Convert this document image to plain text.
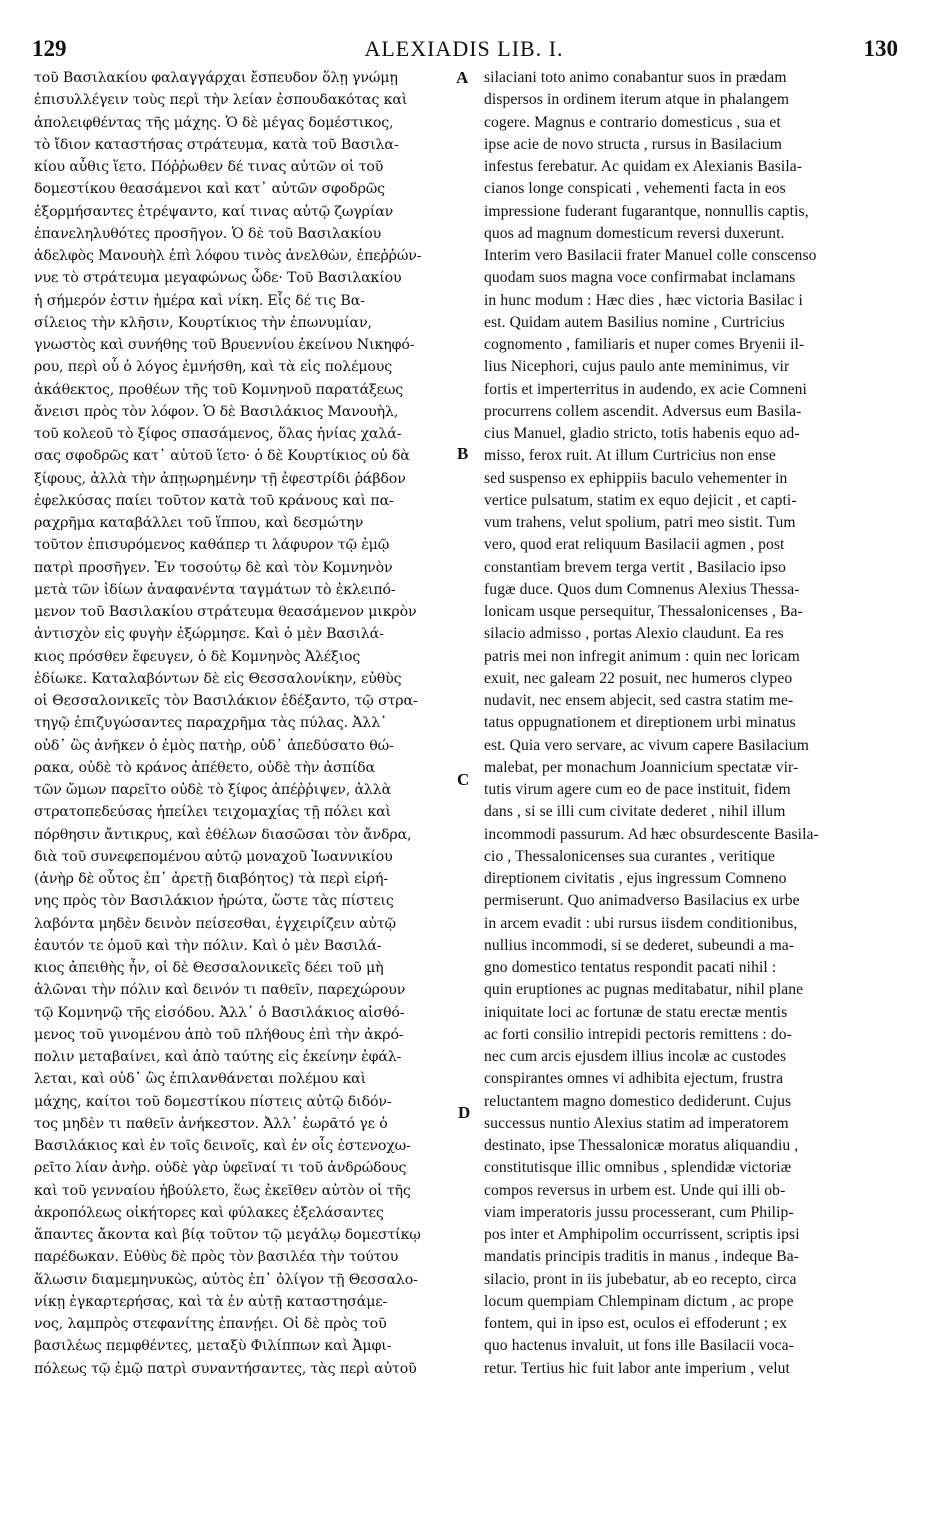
129	ALEXIADIS LIB. I.	130
τοῦ Βασιλακίου φαλαγγάρχαι ἔσπευδον ὅλῃ γνώμῃ
ἐπισυλλέγειν τοὺς περὶ τὴν λείαν ἐσπουδακότας καὶ
ἀπολειφθέντας τῆς μάχης. Ὁ δὲ μέγας δομέστικος,
τὸ ἴδιον καταστήσας στράτευμα, κατὰ τοῦ Βασιλα-
κίου αὖθις ἵετο. Πόῤῥωθεν δέ τινας αὐτῶν οἱ τοῦ
δομεστίκου θεασάμενοι καὶ κατ᾽ αὐτῶν σφοδρῶς
ἐξορμήσαντες ἐτρέψαντο, καί τινας αὐτῷ ζωγρίαν
ἐπανεληλυθότες προσῆγον. Ὁ δὲ τοῦ Βασιλακίου
ἀδελφὸς Μανουὴλ ἐπὶ λόφου τινὸς ἀνελθὼν, ἐπεῤῥών-
νυε τὸ στράτευμα μεγαφώνως ὧδε· Τοῦ Βασιλακίου
ἡ σήμερόν ἐστιν ἡμέρα καὶ νίκη. Εἷς δέ τις Βα-
σίλειος τὴν κλῆσιν, Κουρτίκιος τὴν ἐπωνυμίαν,
γνωστὸς καὶ συνήθης τοῦ Βρυεννίου ἐκείνου Νικηφό-
ρου, περὶ οὗ ὁ λόγος ἐμνήσθη, καὶ τὰ εἰς πολέμους
ἀκάθεκτος, προθέων τῆς τοῦ Κομνηνοῦ παρατάξεως
ἄνεισι πρὸς τὸν λόφον. Ὁ δὲ Βασιλάκιος Μανουὴλ,
τοῦ κολεοῦ τὸ ξίφος σπασάμενος, ὅλας ἡνίας χαλά-
σας σφοδρῶς κατ᾽ αὐτοῦ ἵετο· ὁ δὲ Κουρτίκιος οὐ δὰ
ξίφους, ἀλλὰ τὴν ἀπῃωρημένην τῇ ἐφεστρίδι ῥάβδον
ἐφελκύσας παίει τοῦτον κατὰ τοῦ κράνους καὶ πα-
ραχρῆμα καταβάλλει τοῦ ἵππου, καὶ δεσμώτην
τοῦτον ἐπισυρόμενος καθάπερ τι λάφυρον τῷ ἐμῷ
πατρὶ προσῆγεν. Ἐν τοσούτῳ δὲ καὶ τὸν Κομνηνὸν
μετὰ τῶν ἰδίων ἀναφανέντα ταγμάτων τὸ ἐκλειπό-
μενον τοῦ Βασιλακίου στράτευμα θεασάμενον μικρὸν
ἀντισχὸν εἰς φυγὴν ἐξώρμησε. Καὶ ὁ μὲν Βασιλά-
κιος πρόσθεν ἔφευγεν, ὁ δὲ Κομνηνὸς Ἀλέξιος
ἐδίωκε. Καταλαβόντων δὲ εἰς Θεσσαλονίκην, εὐθὺς
οἱ Θεσσαλονικεῖς τὸν Βασιλάκιον ἐδέξαντο, τῷ στρα-
τηγῷ ἐπιζυγώσαντες παραχρῆμα τὰς πύλας. Ἀλλ᾽
οὐδ᾽ ὣς ἀνῆκεν ὁ ἐμὸς πατὴρ, οὐδ᾽ ἀπεδύσατο θώ-
ρακα, οὐδὲ τὸ κράνος ἀπέθετο, οὐδὲ τὴν ἀσπίδα
τῶν ὤμων παρεῖτο οὐδὲ τὸ ξίφος ἀπέῤῥιψεν, ἀλλὰ
στρατοπεδεύσας ἠπείλει τειχομαχίας τῇ πόλει καὶ
πόρθησιν ἄντικρυς, καὶ ἐθέλων διασῶσαι τὸν ἄνδρα,
διὰ τοῦ συνεφεπομένου αὐτῷ μοναχοῦ Ἰωαννικίου
(ἀνὴρ δὲ οὗτος ἐπ᾽ ἀρετῇ διαβόητος) τὰ περὶ εἰρή-
νης πρὸς τὸν Βασιλάκιον ἠρώτα, ὥστε τὰς πίστεις
λαβόντα μηδὲν δεινὸν πείσεσθαι, ἐγχειρίζειν αὐτῷ
ἑαυτόν τε ὁμοῦ καὶ τὴν πόλιν. Καὶ ὁ μὲν Βασιλά-
κιος ἀπειθὴς ἦν, οἱ δὲ Θεσσαλονικεῖς δέει τοῦ μὴ
ἁλῶναι τὴν πόλιν καὶ δεινόν τι παθεῖν, παρεχώρουν
τῷ Κομνηνῷ τῆς εἰσόδου. Ἀλλ᾽ ὁ Βασιλάκιος αἰσθό-
μενος τοῦ γινομένου ἀπὸ τοῦ πλήθους ἐπὶ τὴν ἀκρό-
πολιν μεταβαίνει, καὶ ἀπὸ ταύτης εἰς ἐκείνην ἐφάλ-
λεται, καὶ οὐδ᾽ ὣς ἐπιλανθάνεται πολέμου καὶ
μάχης, καίτοι τοῦ δομεστίκου πίστεις αὐτῷ διδόν-
τος μηδὲν τι παθεῖν ἀνήκεστον. Ἀλλ᾽ ἑωρᾶτό γε ὁ
Βασιλάκιος καὶ ἐν τοῖς δεινοῖς, καὶ ἐν οἷς ἐστενοχω-
ρεῖτο λίαν ἀνὴρ. οὐδὲ γὰρ ὑφεῖναί τι τοῦ ἀνδρώδους
καὶ τοῦ γενναίου ἠβούλετο, ἕως ἐκεῖθεν αὐτὸν οἱ τῆς
ἀκροπόλεως οἰκήτορες καὶ φύλακες ἐξελάσαντες
ἅπαντες ἄκοντα καὶ βίᾳ τοῦτον τῷ μεγάλῳ δομεστίκῳ
παρέδωκαν. Εὐθὺς δὲ πρὸς τὸν βασιλέα τὴν τούτου
ἅλωσιν διαμεμηνυκὼς, αὐτὸς ἐπ᾽ ὀλίγον τῇ Θεσσαλο-
νίκῃ ἐγκαρτερήσας, καὶ τὰ ἐν αὐτῇ καταστησάμε-
νος, λαμπρὸς στεφανίτης ἐπανῄει. Οἱ δὲ πρὸς τοῦ
βασιλέως πεμφθέντες, μεταξὺ Φιλίππων καὶ Ἀμφι-
πόλεως τῷ ἐμῷ πατρὶ συναντήσαντες, τὰς περὶ αὐτοῦ
silaciani toto animo conabantur suos in prædam
dispersos in ordinem iterum atque in phalangem
cogere. Magnus e contrario domesticus , sua et
ipse acie de novo structa , rursus in Basilacium
infestus ferebatur. Ac quidam ex Alexianis Basila-
cianos longe conspicati , vehementi facta in eos
impressione fuderant fugarantque, nonnullis captis,
quos ad magnum domesticum reversi duxerunt.
Interim vero Basilacii frater Manuel colle conscenso
quodam suos magna voce confirmabat inclamans
in hunc modum : Hæc dies , hæc victoria Basilac i
est. Quidam autem Basilius nomine , Curtricius
cognomento , familiaris et nuper comes Bryenii il-
lius Nicephori, cujus paulo ante meminimus, vir
fortis et imperterritus in audendo, ex acie Comneni
procurrens collem ascendit. Adversus eum Basila-
cius Manuel, gladio stricto, totis habenis equo ad-
misso, ferox ruit. At illum Curtricius non ense
sed suspenso ex ephippiis baculo vehementer in
vertice pulsatum, statim ex equo dejicit , et capti-
vum trahens, velut spolium, patri meo sistit. Tum
vero, quod erat reliquum Basilacii agmen , post
constantiam brevem terga vertit , Basilacio ipso
fugæ duce. Quos dum Comnenus Alexius Thessa-
lonicam usque persequitur, Thessalonicenses , Ba-
silacio admisso , portas Alexio claudunt. Ea res
patris mei non infregit animum : quin nec loricam
exuit, nec galeam 22 posuit, nec humeros clypeo
nudavit, nec ensem abjecit, sed castra statim me-
tatus oppugnationem et direptionem urbi minatus
est. Quia vero servare, ac vivum capere Basilacium
malebat, per monachum Joannicium spectatæ vir-
tutis virum agere cum eo de pace instituit, fidem
dans , si se illi cum civitate dederet , nihil illum
incommodi passurum. Ad hæc obsurdescente Basila-
cio , Thessalonicenses sua curantes , veritique
direptionem civitatis , ejus ingressum Comneno
permiserunt. Quo animadverso Basilacius ex urbe
in arcem evadit : ubi rursus iisdem conditionibus,
nullius incommodi, si se dederet, subeundi a ma-
gno domestico tentatus respondit pacati nihil :
quin eruptiones ac pugnas meditabatur, nihil plane
iniquitate loci ac fortunæ de statu erectæ mentis
ac forti consilio intrepidi pectoris remittens : do-
nec cum arcis ejusdem illius incolæ ac custodes
conspirantes omnes vi adhibita ejectum, frustra
reluctantem magno domestico dediderunt. Cujus
successus nuntio Alexius statim ad imperatorem
destinato, ipse Thessalonicæ moratus aliquandiu ,
constitutisque illic omnibus , splendidæ victoriæ
compos reversus in urbem est. Unde qui illi ob-
viam imperatoris jussu processerant, cum Philip-
pos inter et Amphipolim occurrissent, scriptis ipsi
mandatis principis traditis in manus , indeque Ba-
silacio, pront in iis jubebatur, ab eo recepto, circa
locum quempiam Chlempinam dictum , ac prope
fontem, qui in ipso est, oculos ei effoderunt ; ex
quo hactenus invaluit, ut fons ille Basilacii voca-
retur. Tertius hic fuit labor ante imperium , velut
A
B
C
D
